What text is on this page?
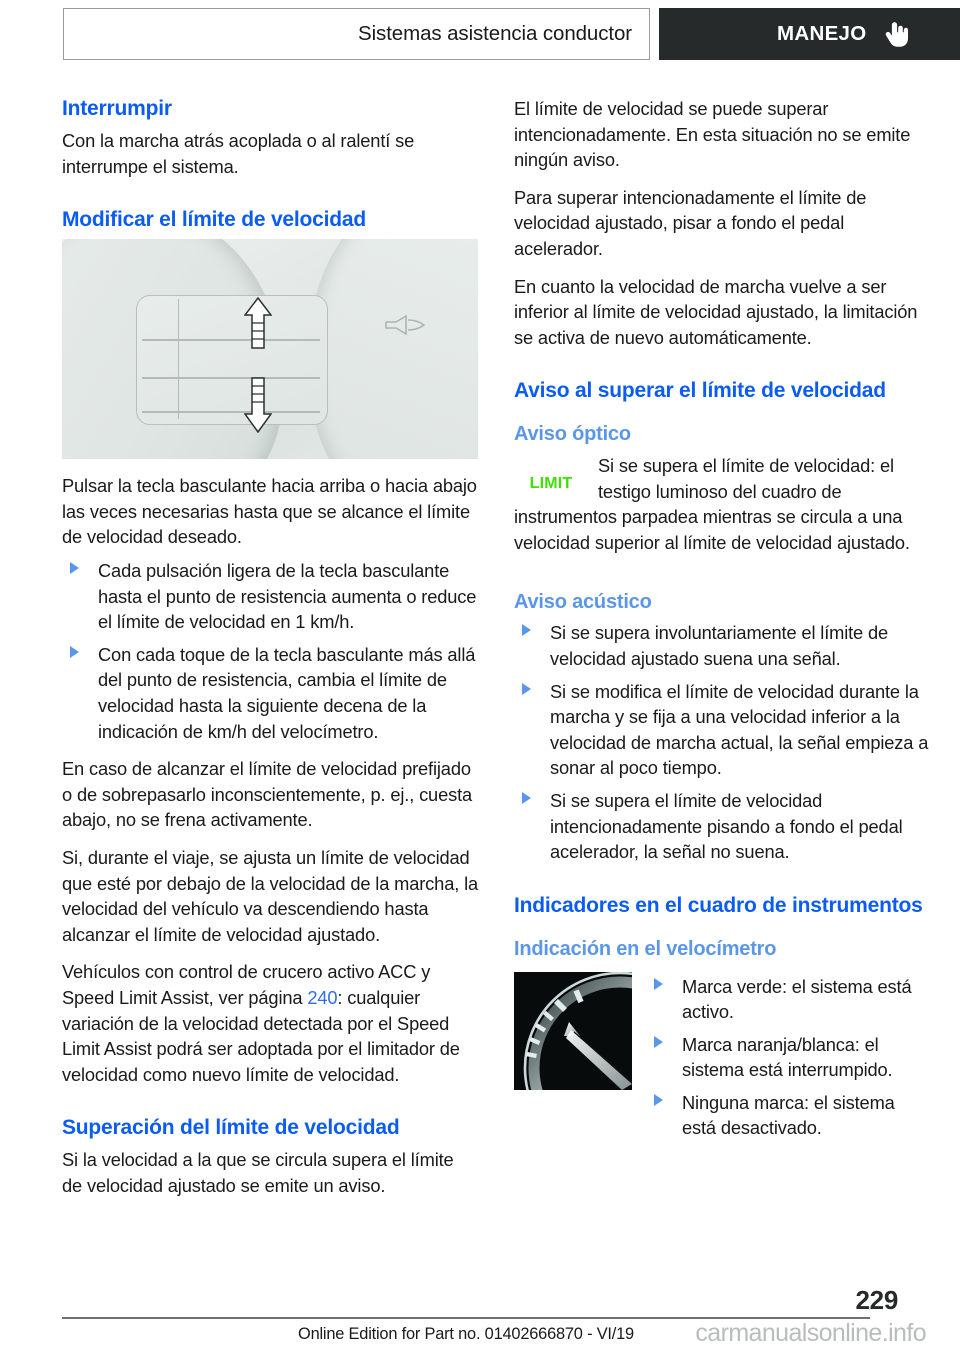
Sistemas asistencia conductor	MANEJO
Interrumpir

Con la marcha atrás acoplada o al ralentí se interrumpe el sistema.

Modificar el límite de velocidad

Pulsar la tecla basculante hacia arriba o hacia abajo las veces necesarias hasta que se alcance el límite de velocidad deseado.

Cada pulsación ligera de la tecla basculante hasta el punto de resistencia aumenta o reduce el límite de velocidad en 1 km/h.
Con cada toque de la tecla basculante más allá del punto de resistencia, cambia el límite de velocidad hasta la siguiente decena de la indicación de km/h del velocímetro.

En caso de alcanzar el límite de velocidad prefijado o de sobrepasarlo inconscientemente, p. ej., cuesta abajo, no se frena activamente.

Si, durante el viaje, se ajusta un límite de velocidad que esté por debajo de la velocidad de la marcha, la velocidad del vehículo va descendiendo hasta alcanzar el límite de velocidad ajustado.

Vehículos con control de crucero activo ACC y Speed Limit Assist, ver página 240: cualquier variación de la velocidad detectada por el Speed Limit Assist podrá ser adoptada por el limitador de velocidad como nuevo límite de velocidad.

Superación del límite de velocidad

Si la velocidad a la que se circula supera el límite de velocidad ajustado se emite un aviso.

El límite de velocidad se puede superar intencionadamente. En esta situación no se emite ningún aviso.

Para superar intencionadamente el límite de velocidad ajustado, pisar a fondo el pedal acelerador.

En cuanto la velocidad de marcha vuelve a ser inferior al límite de velocidad ajustado, la limitación se activa de nuevo automáticamente.

Aviso al superar el límite de velocidad
Aviso óptico
LIMIT

Si se supera el límite de velocidad: el testigo luminoso del cuadro de instrumentos parpadea mientras se circula a una velocidad superior al límite de velocidad ajustado.

Aviso acústico
Si se supera involuntariamente el límite de velocidad ajustado suena una señal.
Si se modifica el límite de velocidad durante la marcha y se fija a una velocidad inferior a la velocidad de marcha actual, la señal empieza a sonar al poco tiempo.
Si se supera el límite de velocidad intencionadamente pisando a fondo el pedal acelerador, la señal no suena.
Indicadores en el cuadro de instrumentos
Indicación en el velocímetro
Marca verde: el sistema está activo.
Marca naranja/blanca: el sistema está interrumpido.
Ninguna marca: el sistema está desactivado.
229
Online Edition for Part no. 01402666870 - VI/19	carmanualsonline.info
